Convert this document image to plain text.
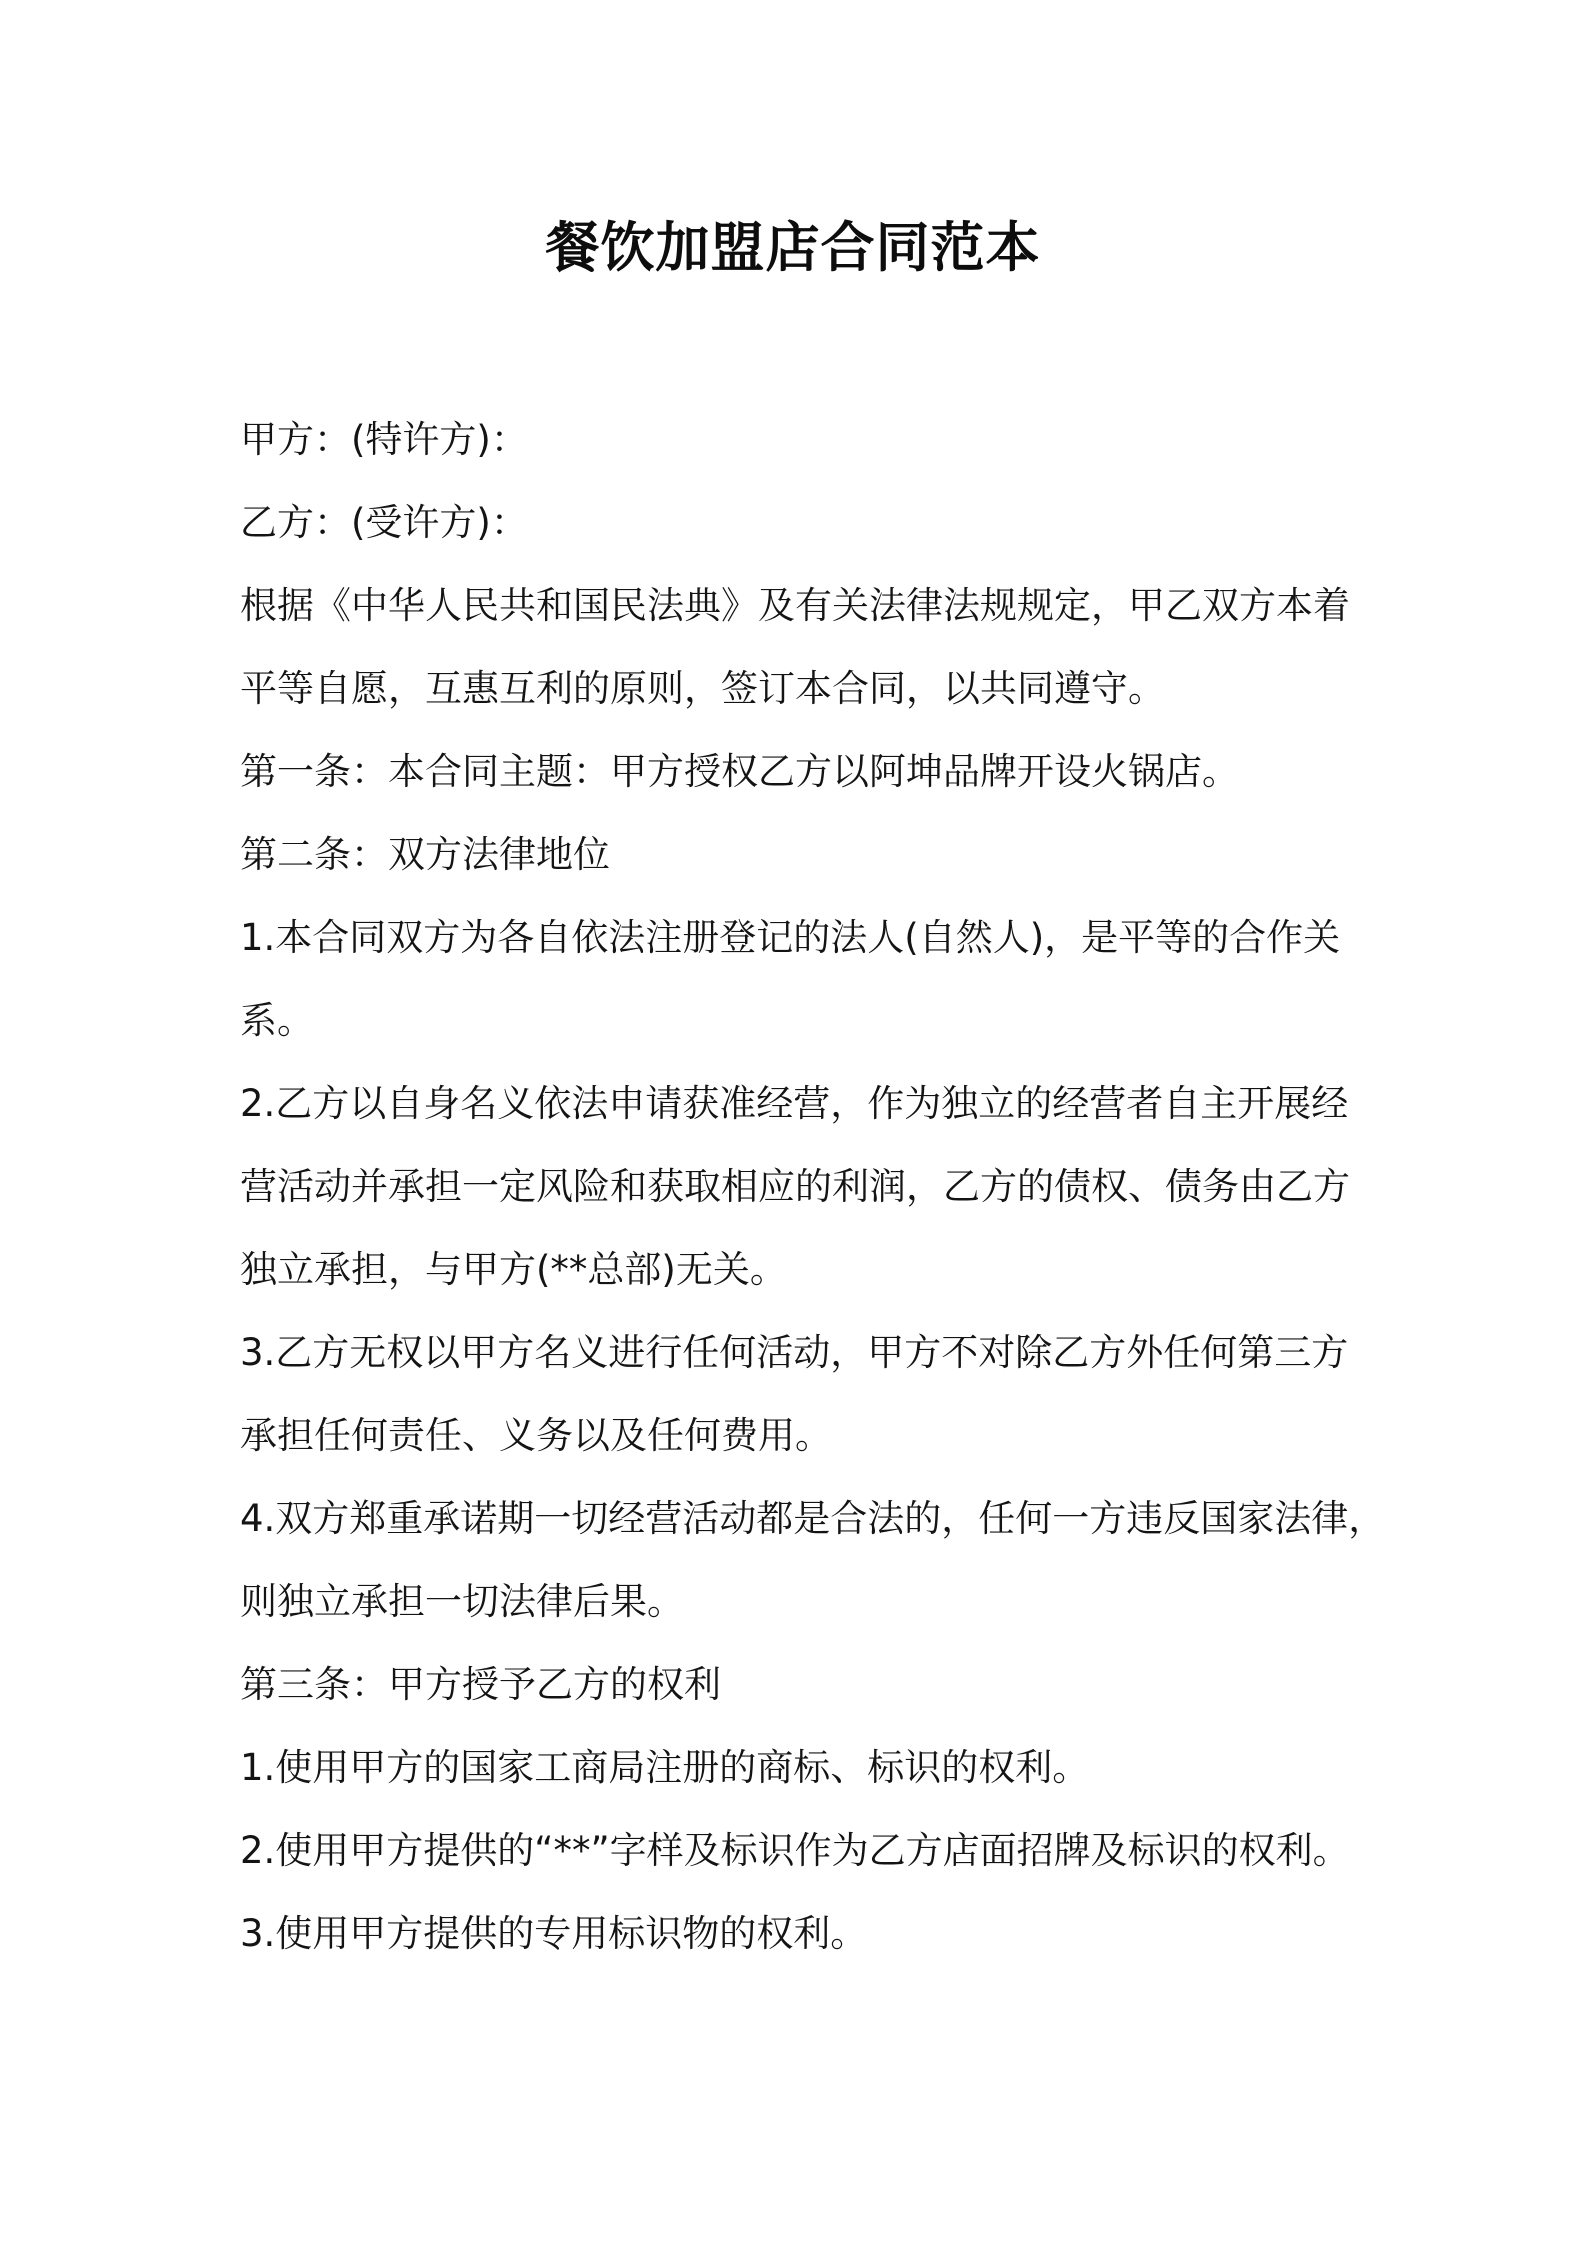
餐饮加盟店合同范本
甲方：(特许方)：
乙方：(受许方)：
根据《中华人民共和国民法典》及有关法律法规规定，甲乙双方本着
平等自愿，互惠互利的原则，签订本合同，以共同遵守。
第一条：本合同主题：甲方授权乙方以阿坤品牌开设火锅店。
第二条：双方法律地位
1.本合同双方为各自依法注册登记的法人(自然人)，是平等的合作关
系。
2.乙方以自身名义依法申请获准经营，作为独立的经营者自主开展经
营活动并承担一定风险和获取相应的利润，乙方的债权、债务由乙方
独立承担，与甲方(**总部)无关。
3.乙方无权以甲方名义进行任何活动，甲方不对除乙方外任何第三方
承担任何责任、义务以及任何费用。
4.双方郑重承诺期一切经营活动都是合法的，任何一方违反国家法律，
则独立承担一切法律后果。
第三条：甲方授予乙方的权利
1.使用甲方的国家工商局注册的商标、标识的权利。
2.使用甲方提供的“**”字样及标识作为乙方店面招牌及标识的权利。
3.使用甲方提供的专用标识物的权利。
